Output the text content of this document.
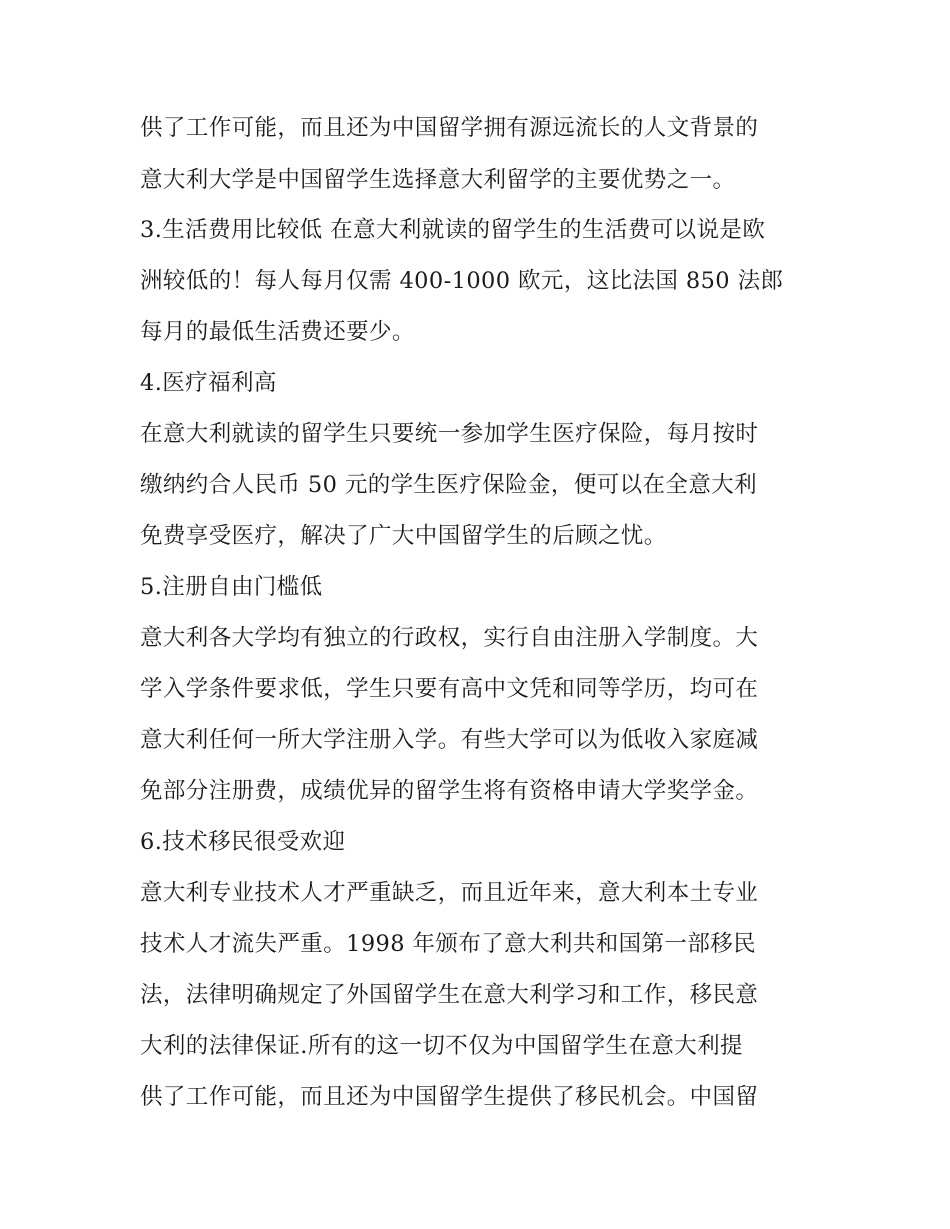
供了工作可能，而且还为中国留学拥有源远流长的人文背景的
意大利大学是中国留学生选择意大利留学的主要优势之一。
3.生活费用比较低 在意大利就读的留学生的生活费可以说是欧
洲较低的！每人每月仅需 400-1000 欧元，这比法国 850 法郎
每月的最低生活费还要少。
4.医疗福利高
在意大利就读的留学生只要统一参加学生医疗保险，每月按时
缴纳约合人民币 50 元的学生医疗保险金，便可以在全意大利
免费享受医疗，解决了广大中国留学生的后顾之忧。
5.注册自由门槛低
意大利各大学均有独立的行政权，实行自由注册入学制度。大
学入学条件要求低，学生只要有高中文凭和同等学历，均可在
意大利任何一所大学注册入学。有些大学可以为低收入家庭减
免部分注册费，成绩优异的留学生将有资格申请大学奖学金。
6.技术移民很受欢迎
意大利专业技术人才严重缺乏，而且近年来，意大利本土专业
技术人才流失严重。1998 年颁布了意大利共和国第一部移民
法，法律明确规定了外国留学生在意大利学习和工作，移民意
大利的法律保证.所有的这一切不仅为中国留学生在意大利提
供了工作可能，而且还为中国留学生提供了移民机会。中国留
